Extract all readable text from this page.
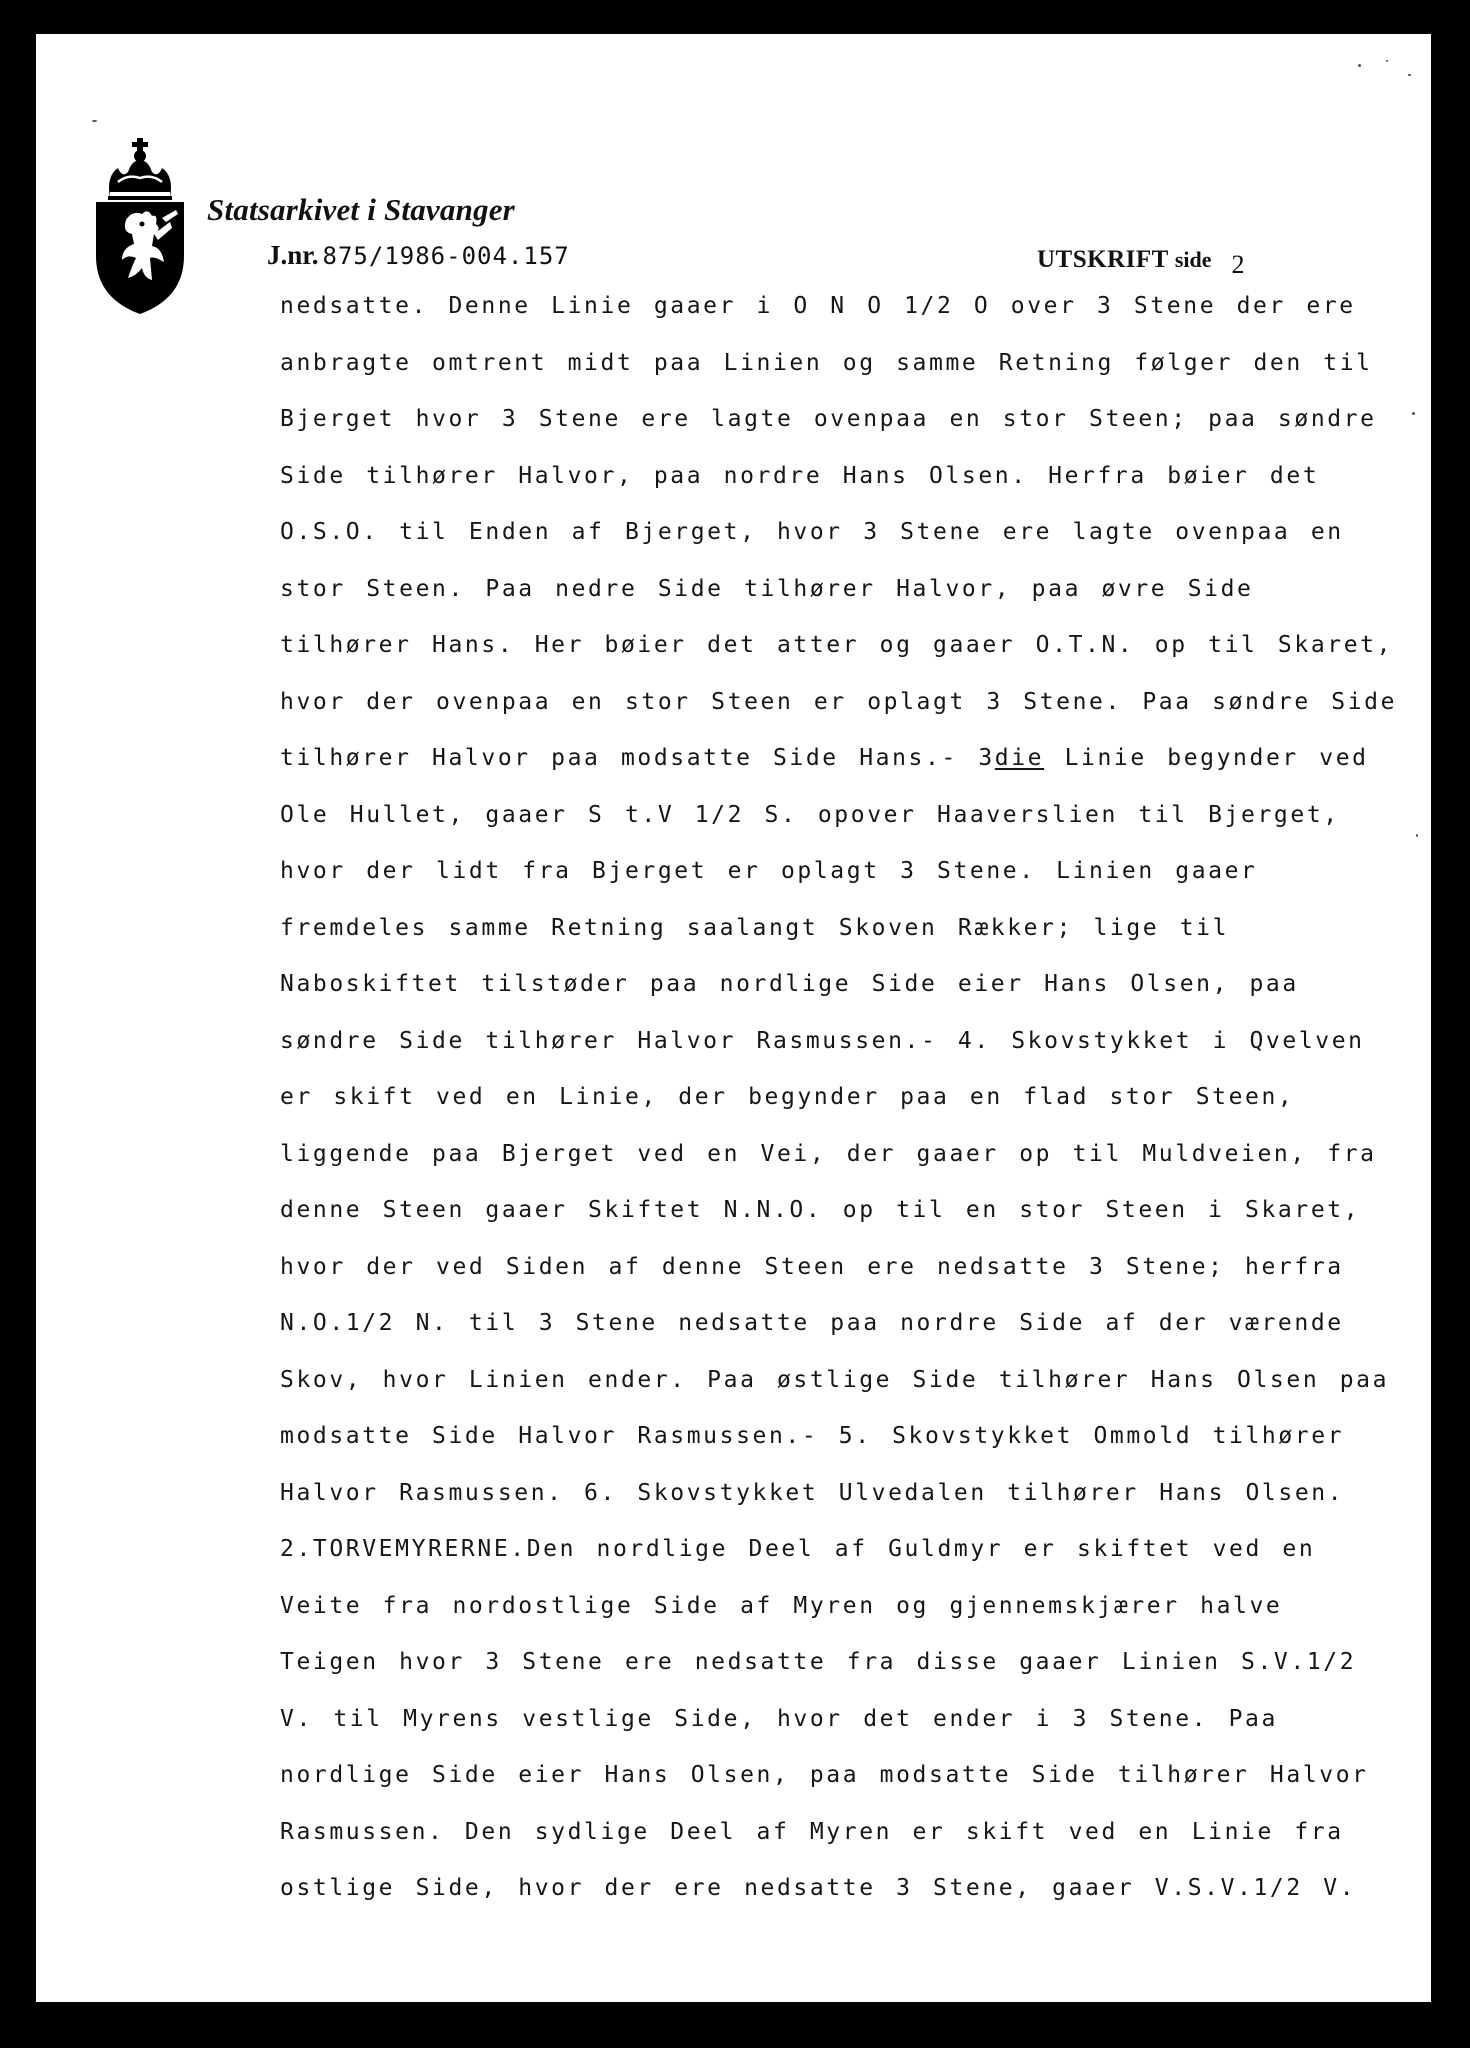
Statsarkivet i Stavanger

J.nr. 875/1986-004.157	UTSKRIFT side 2
nedsatte. Denne Linie gaaer i O N O 1/2 O over 3 Stene der ere
anbragte omtrent midt paa Linien og samme Retning følger den til
Bjerget hvor 3 Stene ere lagte ovenpaa en stor Steen; paa søndre
Side tilhører Halvor, paa nordre Hans Olsen. Herfra bøier det
O.S.O. til Enden af Bjerget, hvor 3 Stene ere lagte ovenpaa en
stor Steen. Paa nedre Side tilhører Halvor, paa øvre Side
tilhører Hans. Her bøier det atter og gaaer O.T.N. op til Skaret,
hvor der ovenpaa en stor Steen er oplagt 3 Stene. Paa søndre Side
tilhører Halvor paa modsatte Side Hans.- 3die Linie begynder ved
Ole Hullet, gaaer S t.V 1/2 S. opover Haaverslien til Bjerget,
hvor der lidt fra Bjerget er oplagt 3 Stene. Linien gaaer
fremdeles samme Retning saalangt Skoven Rækker; lige til
Naboskiftet tilstøder paa nordlige Side eier Hans Olsen, paa
søndre Side tilhører Halvor Rasmussen.- 4. Skovstykket i Qvelven
er skift ved en Linie, der begynder paa en flad stor Steen,
liggende paa Bjerget ved en Vei, der gaaer op til Muldveien, fra
denne Steen gaaer Skiftet N.N.O. op til en stor Steen i Skaret,
hvor der ved Siden af denne Steen ere nedsatte 3 Stene; herfra
N.O.1/2 N. til 3 Stene nedsatte paa nordre Side af der værende
Skov, hvor Linien ender. Paa østlige Side tilhører Hans Olsen paa
modsatte Side Halvor Rasmussen.- 5. Skovstykket Ommold tilhører
Halvor Rasmussen. 6. Skovstykket Ulvedalen tilhører Hans Olsen.
2.TORVEMYRERNE.Den nordlige Deel af Guldmyr er skiftet ved en
Veite fra nordostlige Side af Myren og gjennemskjærer halve
Teigen hvor 3 Stene ere nedsatte fra disse gaaer Linien S.V.1/2
V. til Myrens vestlige Side, hvor det ender i 3 Stene. Paa
nordlige Side eier Hans Olsen, paa modsatte Side tilhører Halvor
Rasmussen. Den sydlige Deel af Myren er skift ved en Linie fra
ostlige Side, hvor der ere nedsatte 3 Stene, gaaer V.S.V.1/2 V.
